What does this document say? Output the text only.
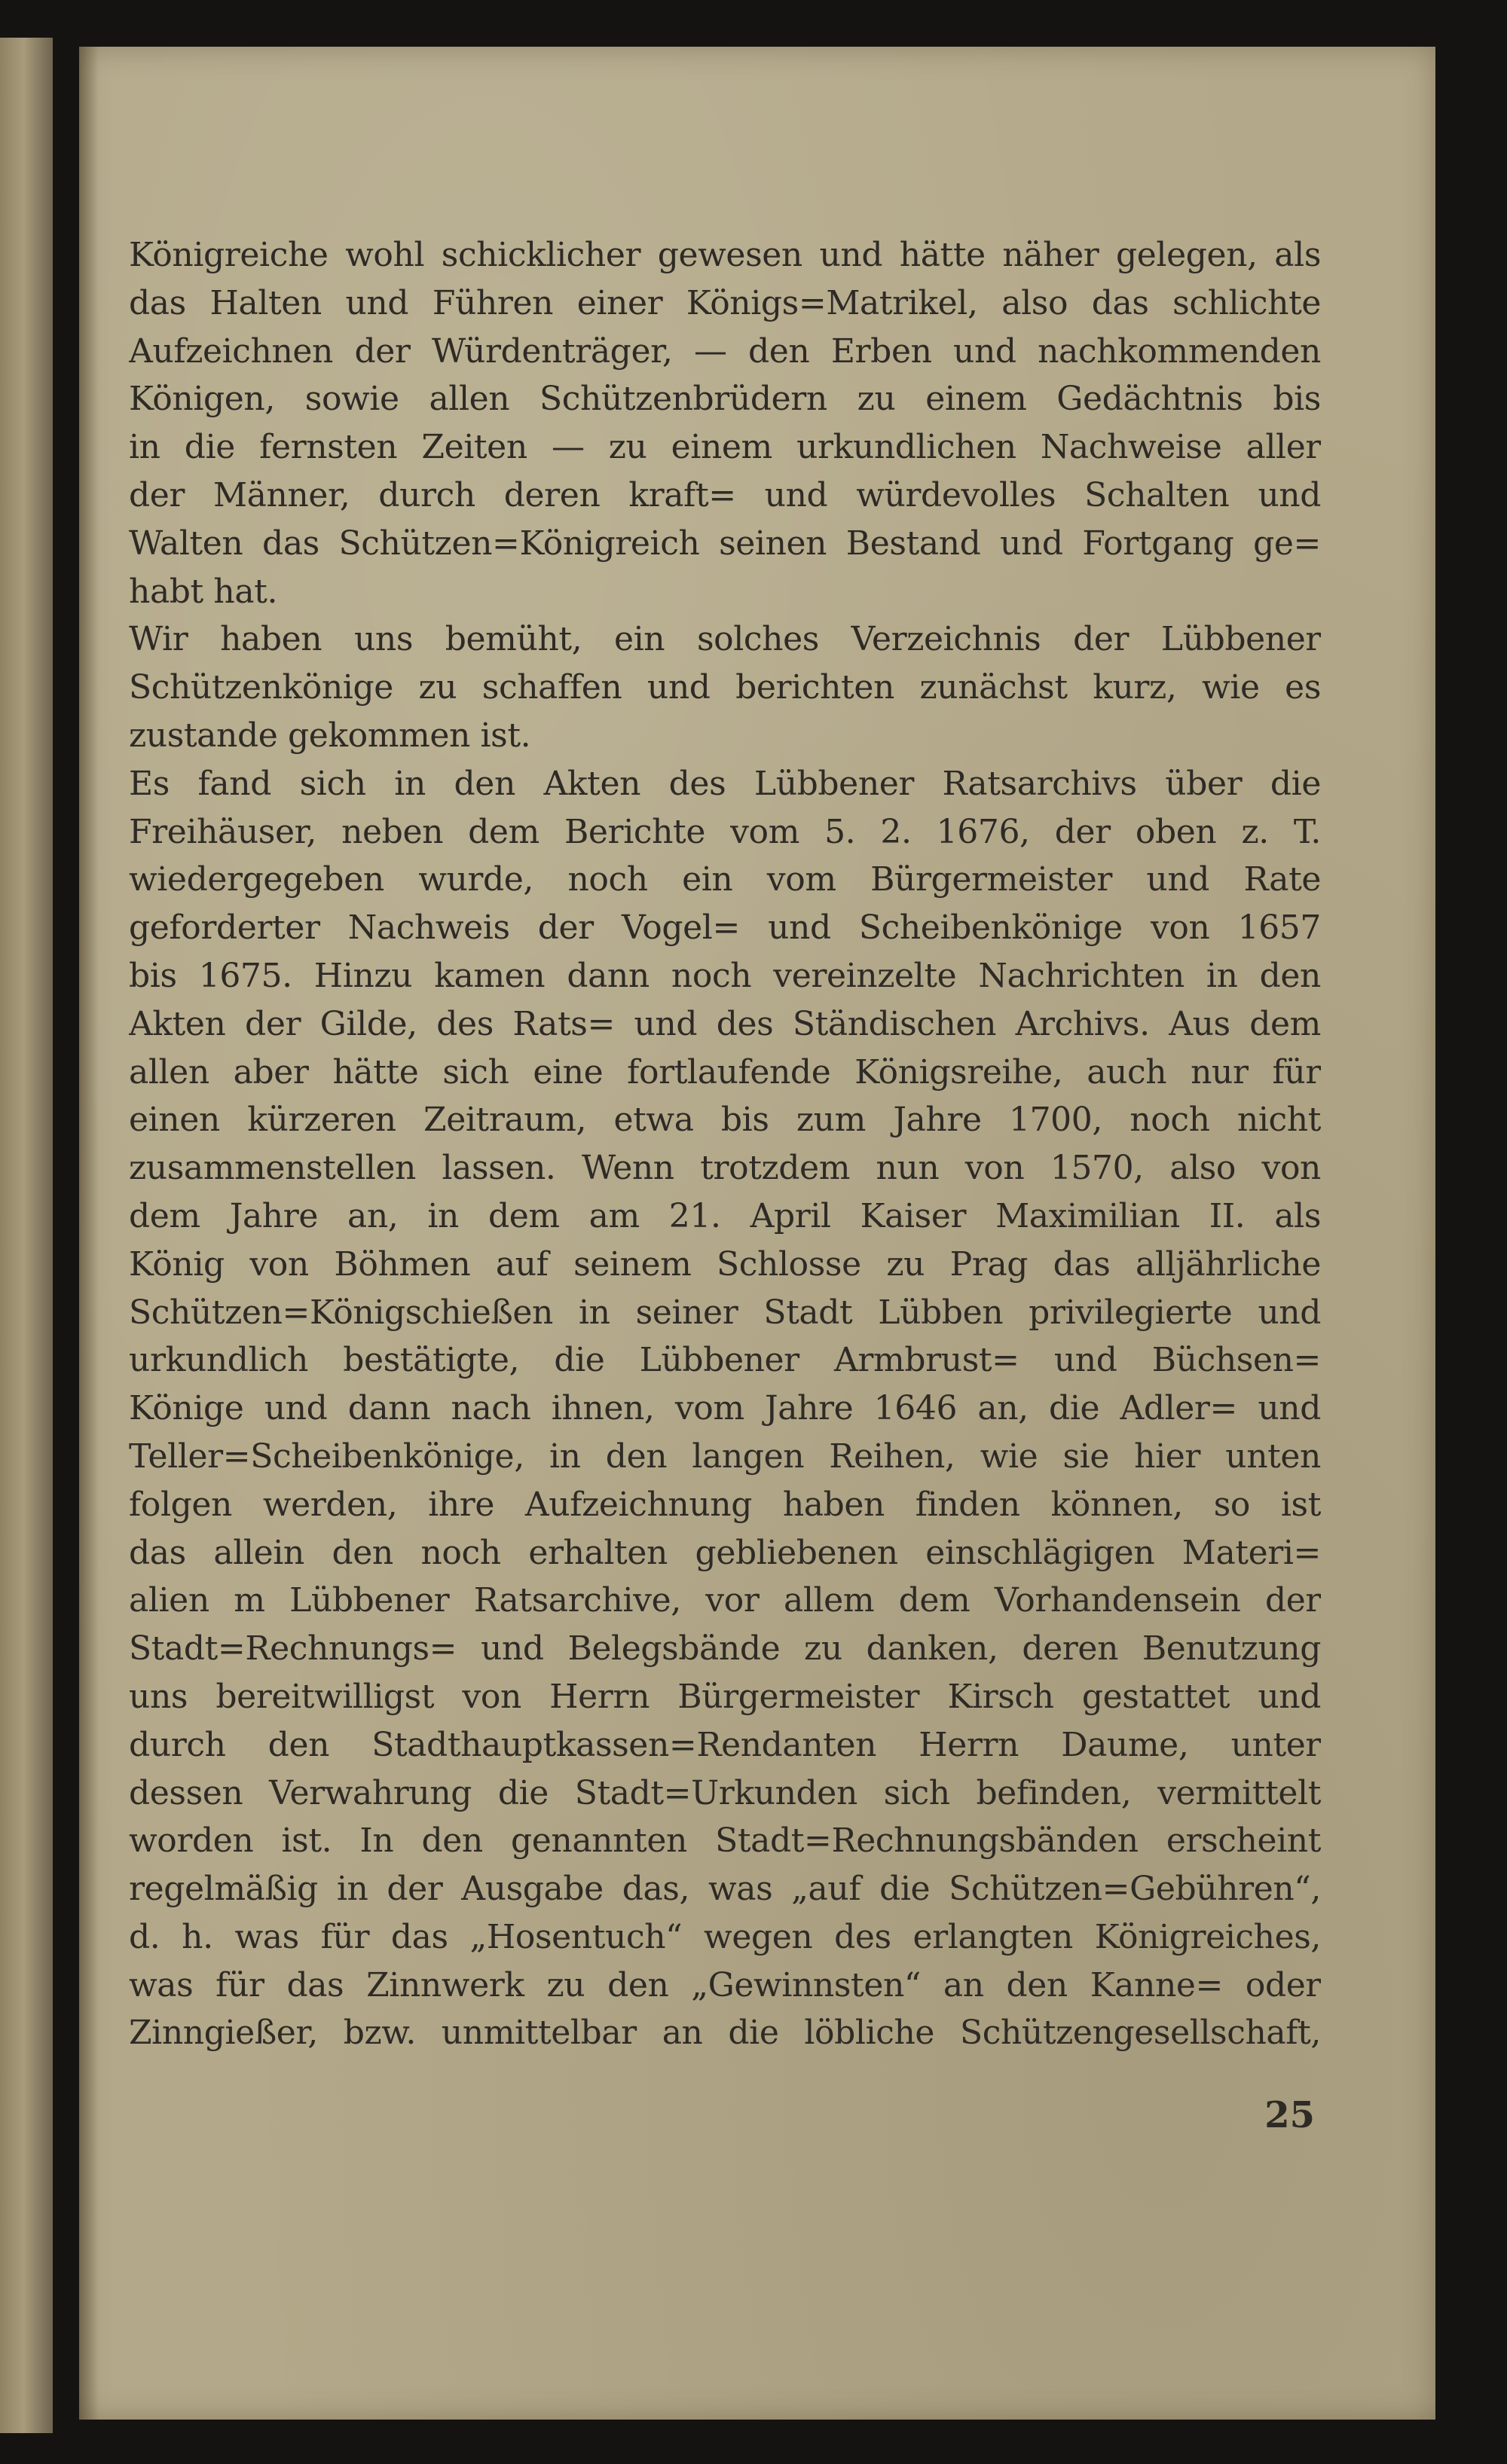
Königreiche wohl schicklicher gewesen und hätte näher gelegen, als
das Halten und Führen einer Königs=Matrikel, also das schlichte
Aufzeichnen der Würdenträger, — den Erben und nachkommenden
Königen, sowie allen Schützenbrüdern zu einem Gedächtnis bis
in die fernsten Zeiten — zu einem urkundlichen Nachweise aller
der Männer, durch deren kraft= und würdevolles Schalten und
Walten das Schützen=Königreich seinen Bestand und Fortgang ge=
habt hat.
Wir haben uns bemüht, ein solches Verzeichnis der Lübbener
Schützenkönige zu schaffen und berichten zunächst kurz, wie es
zustande gekommen ist.
Es fand sich in den Akten des Lübbener Ratsarchivs über die
Freihäuser, neben dem Berichte vom 5. 2. 1676, der oben z. T.
wiedergegeben wurde, noch ein vom Bürgermeister und Rate
geforderter Nachweis der Vogel= und Scheibenkönige von 1657
bis 1675. Hinzu kamen dann noch vereinzelte Nachrichten in den
Akten der Gilde, des Rats= und des Ständischen Archivs. Aus dem
allen aber hätte sich eine fortlaufende Königsreihe, auch nur für
einen kürzeren Zeitraum, etwa bis zum Jahre 1700, noch nicht
zusammenstellen lassen. Wenn trotzdem nun von 1570, also von
dem Jahre an, in dem am 21. April Kaiser Maximilian II. als
König von Böhmen auf seinem Schlosse zu Prag das alljährliche
Schützen=Königschießen in seiner Stadt Lübben privilegierte und
urkundlich bestätigte, die Lübbener Armbrust= und Büchsen=
Könige und dann nach ihnen, vom Jahre 1646 an, die Adler= und
Teller=Scheibenkönige, in den langen Reihen, wie sie hier unten
folgen werden, ihre Aufzeichnung haben finden können, so ist
das allein den noch erhalten gebliebenen einschlägigen Materi=
alien m Lübbener Ratsarchive, vor allem dem Vorhandensein der
Stadt=Rechnungs= und Belegsbände zu danken, deren Benutzung
uns bereitwilligst von Herrn Bürgermeister Kirsch gestattet und
durch den Stadthauptkassen=Rendanten Herrn Daume, unter
dessen Verwahrung die Stadt=Urkunden sich befinden, vermittelt
worden ist. In den genannten Stadt=Rechnungsbänden erscheint
regelmäßig in der Ausgabe das, was „auf die Schützen=Gebühren“,
d. h. was für das „Hosentuch“ wegen des erlangten Königreiches,
was für das Zinnwerk zu den „Gewinnsten“ an den Kanne= oder
Zinngießer, bzw. unmittelbar an die löbliche Schützengesellschaft,
25
